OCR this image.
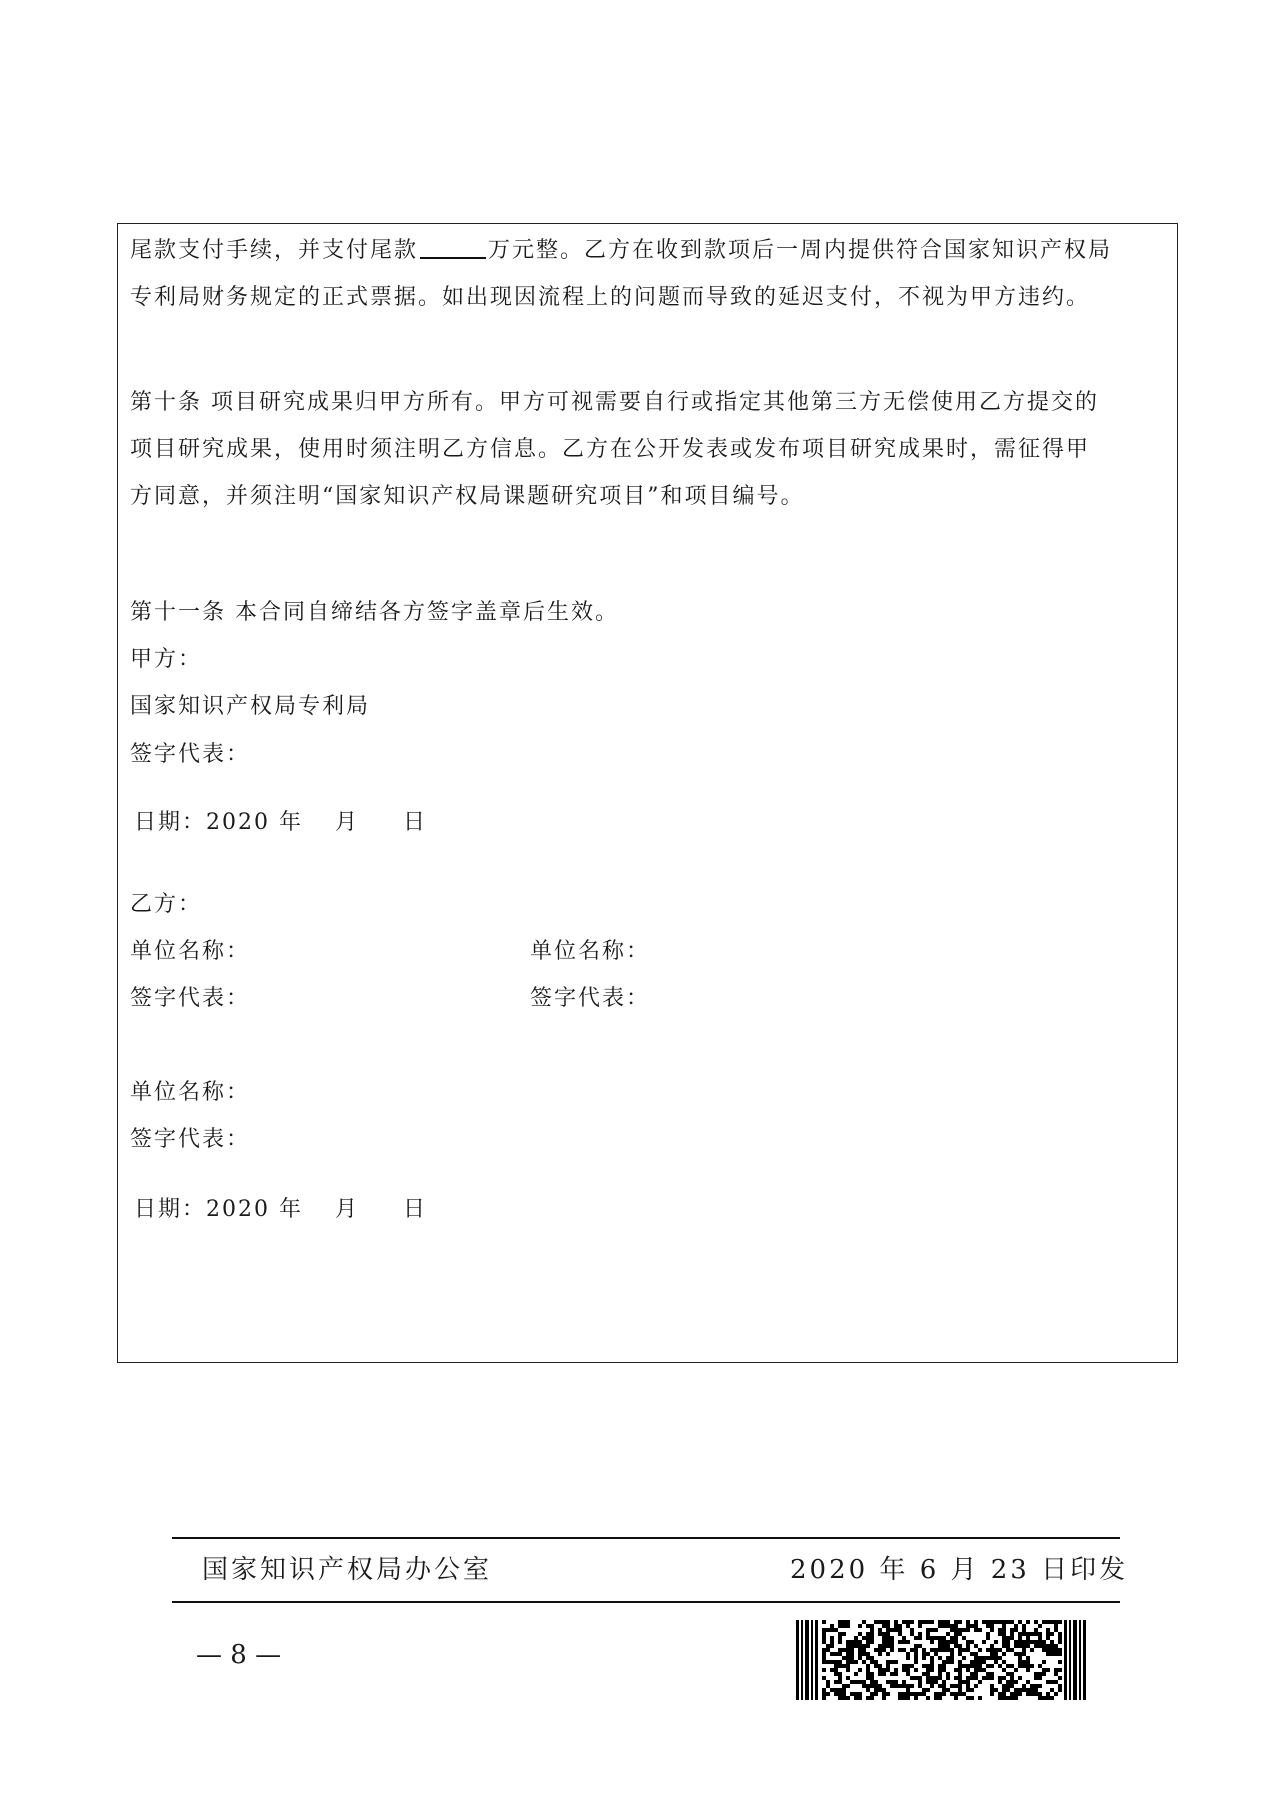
尾款支付手续，并支付尾款	万元整。乙方在收到款项后一周内提供符合国家知识产权局
专利局财务规定的正式票据。如出现因流程上的问题而导致的延迟支付，不视为甲方违约。
第十条 项目研究成果归甲方所有。甲方可视需要自行或指定其他第三方无偿使用乙方提交的
项目研究成果，使用时须注明乙方信息。乙方在公开发表或发布项目研究成果时，需征得甲
方同意，并须注明“国家知识产权局课题研究项目”和项目编号。
第十一条 本合同自缔结各方签字盖章后生效。
甲方：
国家知识产权局专利局
签字代表：
日期：2020 年 月 日
乙方：
单位名称：	单位名称：
签字代表：	签字代表：
单位名称：
签字代表：
日期：2020 年 月 日
国家知识产权局办公室	2020 年 6 月 23 日印发
— 8 —
